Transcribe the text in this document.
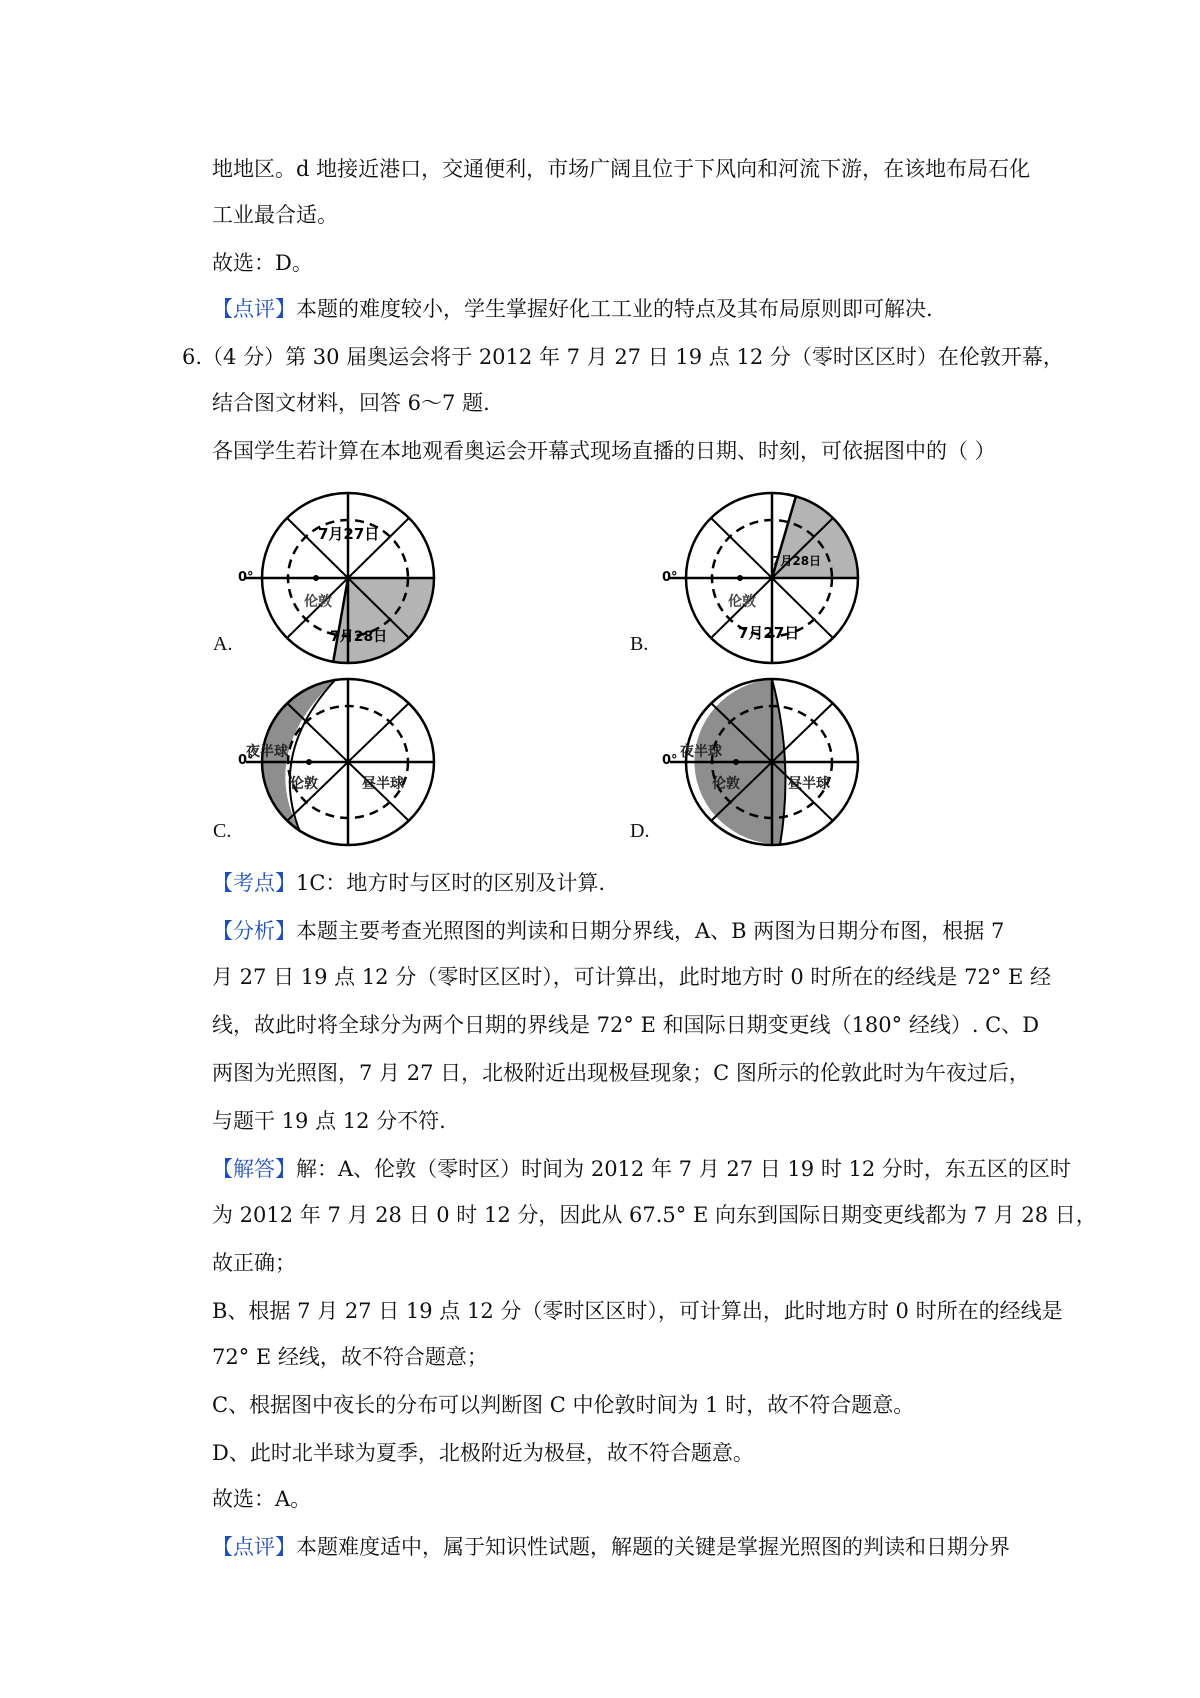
地地区。d 地接近港口，交通便利，市场广阔且位于下风向和河流下游，在该地布局石化
工业最合适。
故选：D。
【点评】本题的难度较小，学生掌握好化工工业的特点及其布局原则即可解决.
6.（4 分）第 30 届奥运会将于 2012 年 7 月 27 日 19 点 12 分（零时区区时）在伦敦开幕，
结合图文材料，回答 6～7 题.
各国学生若计算在本地观看奥运会开幕式现场直播的日期、时刻，可依据图中的（ ）
0°
7月27日
伦敦
7月28日
A.
0°
7月28日
伦敦
7月27日
B.
0°
夜半球
伦敦	昼半球
C.
0°
夜半球
伦敦	昼半球
D.
【考点】1C：地方时与区时的区别及计算.
【分析】本题主要考查光照图的判读和日期分界线，A、B 两图为日期分布图，根据 7
月 27 日 19 点 12 分（零时区区时），可计算出，此时地方时 0 时所在的经线是 72° E 经
线，故此时将全球分为两个日期的界线是 72° E 和国际日期变更线（180° 经线）. C、D
两图为光照图，7 月 27 日，北极附近出现极昼现象；C 图所示的伦敦此时为午夜过后，
与题干 19 点 12 分不符.
【解答】解：A、伦敦（零时区）时间为 2012 年 7 月 27 日 19 时 12 分时，东五区的区时
为 2012 年 7 月 28 日 0 时 12 分，因此从 67.5° E 向东到国际日期变更线都为 7 月 28 日，
故正确；
B、根据 7 月 27 日 19 点 12 分（零时区区时），可计算出，此时地方时 0 时所在的经线是
72° E 经线，故不符合题意；
C、根据图中夜长的分布可以判断图 C 中伦敦时间为 1 时，故不符合题意。
D、此时北半球为夏季，北极附近为极昼，故不符合题意。
故选：A。
【点评】本题难度适中，属于知识性试题，解题的关键是掌握光照图的判读和日期分界
